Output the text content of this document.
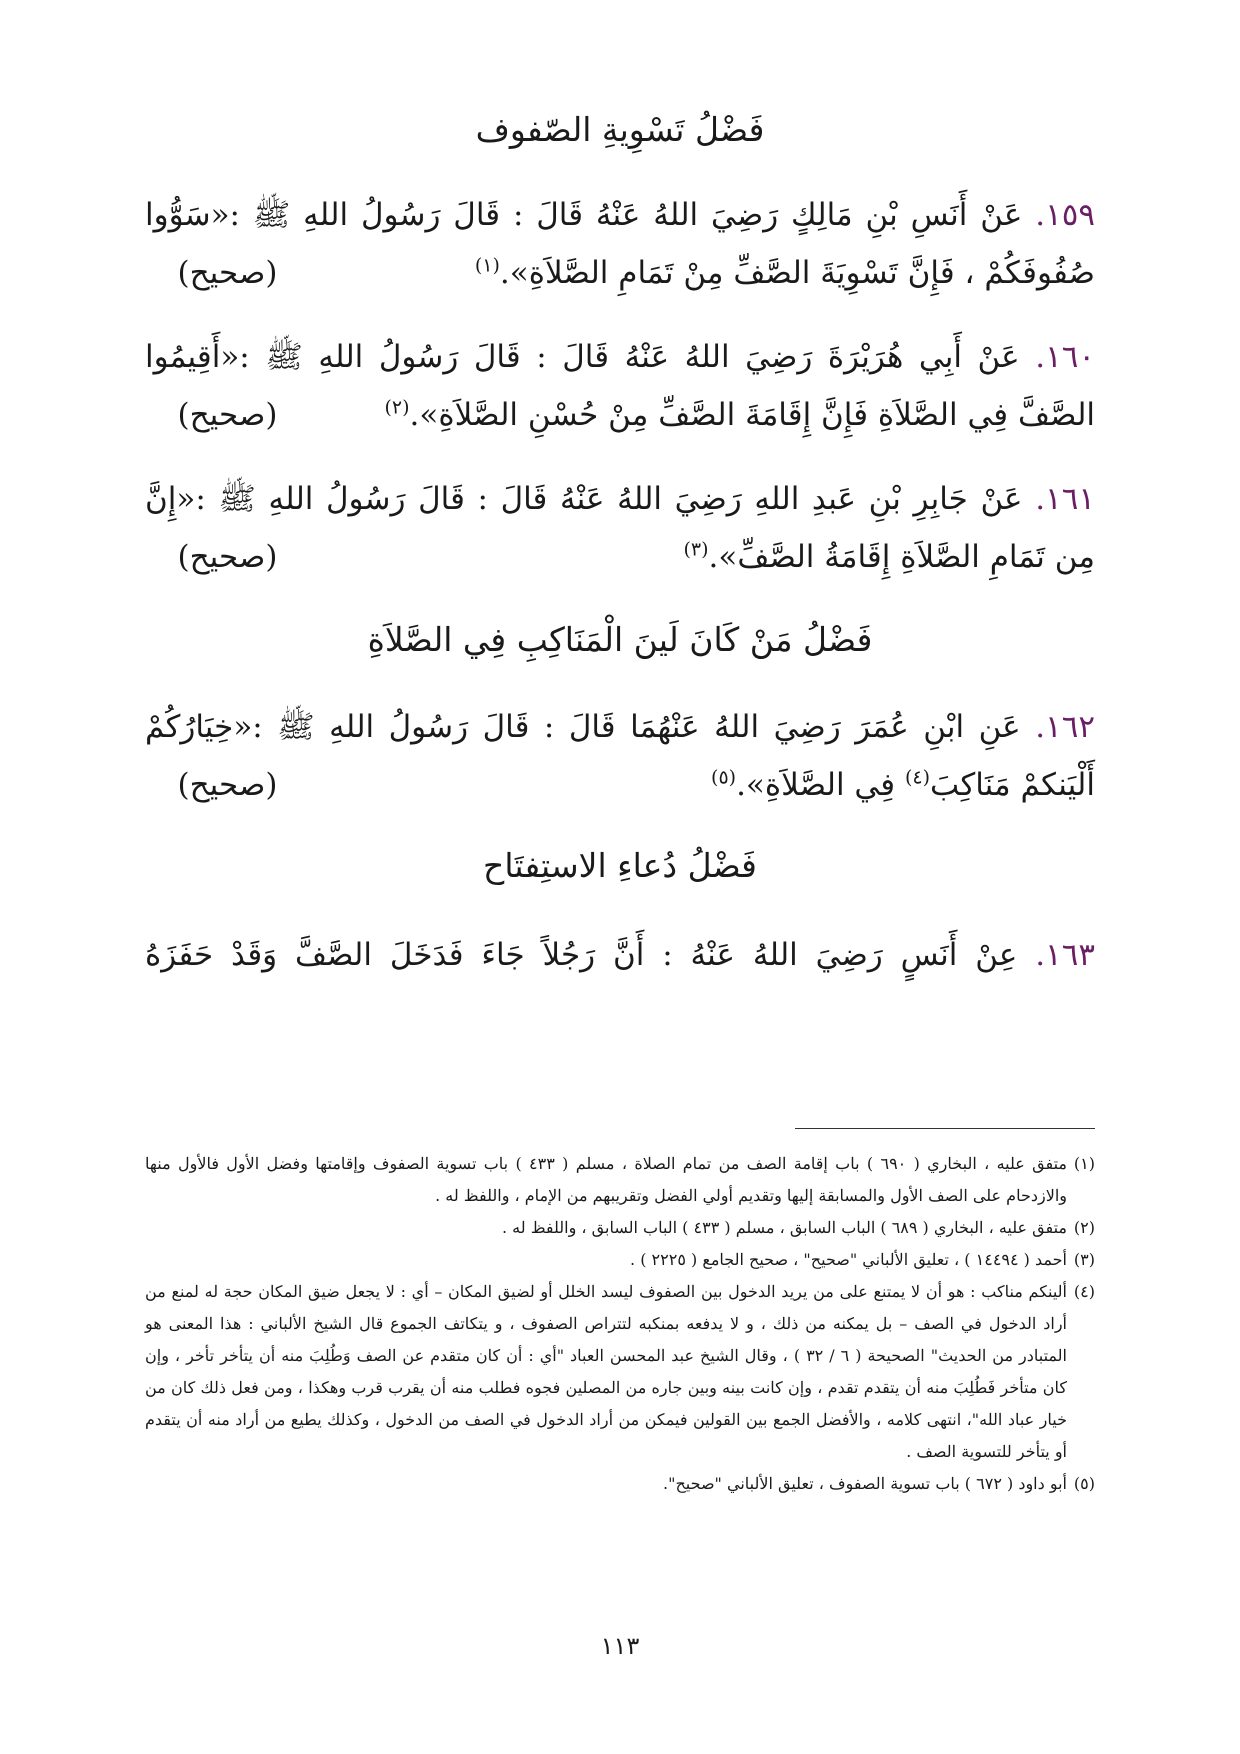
فَضْلُ تَسْوِيةِ الصّفوف
١٥٩. عَنْ أَنَسِ بْنِ مَالِكٍ رَضِيَ اللهُ عَنْهُ قَالَ : قَالَ رَسُولُ اللهِ ﷺ :«سَوُّوا
صُفُوفَكُمْ ، فَإِنَّ تَسْوِيَةَ الصَّفِّ مِنْ تَمَامِ الصَّلاَةِ».$^{(١)}$
(صحيح)
١٦٠. عَنْ أَبِي هُرَيْرَةَ رَضِيَ اللهُ عَنْهُ قَالَ : قَالَ رَسُولُ اللهِ ﷺ :«أَقِيمُوا
الصَّفَّ فِي الصَّلاَةِ فَإِنَّ إِقَامَةَ الصَّفِّ مِنْ حُسْنِ الصَّلاَةِ».$^{(٢)}$
(صحيح)
١٦١. عَنْ جَابِرِ بْنِ عَبدِ اللهِ رَضِيَ اللهُ عَنْهُ قَالَ : قَالَ رَسُولُ اللهِ ﷺ :«إِنَّ
مِن تَمَامِ الصَّلاَةِ إِقَامَةُ الصَّفِّ».$^{(٣)}$
(صحيح)
فَضْلُ مَنْ كَانَ لَينَ الْمَنَاكِبِ فِي الصَّلاَةِ
١٦٢. عَنِ ابْنِ عُمَرَ رَضِيَ اللهُ عَنْهُمَا قَالَ : قَالَ رَسُولُ اللهِ ﷺ :«خِيَارُكُمْ
أَلْيَنكمْ مَنَاكِبَ$^{(٤)}$ فِي الصَّلاَةِ».$^{(٥)}$
(صحيح)
فَضْلُ دُعاءِ الاستِفتَاح
١٦٣. عِنْ أَنَسٍ رَضِيَ اللهُ عَنْهُ : أَنَّ رَجُلاً جَاءَ فَدَخَلَ الصَّفَّ وَقَدْ حَفَزَهُ
(١)متفق عليه ، البخاري ( ٦٩٠ ) باب إقامة الصف من تمام الصلاة ، مسلم ( ٤٣٣ ) باب تسوية الصفوف وإقامتها وفضل الأول فالأول منها والازدحام على الصف الأول والمسابقة إليها وتقديم أولي الفضل وتقريبهم من الإمام ، واللفظ له .
(٢)متفق عليه ، البخاري ( ٦٨٩ ) الباب السابق ، مسلم ( ٤٣٣ ) الباب السابق ، واللفظ له .
(٣)أحمد ( ١٤٤٩٤ ) ، تعليق الألباني "صحيح" ، صحيح الجامع ( ٢٢٢٥ ) .
(٤)ألينكم مناكب : هو أن لا يمتنع على من يريد الدخول بين الصفوف ليسد الخلل أو لضيق المكان – أي : لا يجعل ضيق المكان حجة له لمنع من أراد الدخول في الصف – بل يمكنه من ذلك ، و لا يدفعه بمنكبه لتتراص الصفوف ، و يتكاتف الجموع قال الشيخ الألباني : هذا المعنى هو المتبادر من الحديث" الصحيحة ( ٦ / ٣٢ ) ، وقال الشيخ عبد المحسن العباد "أي : أن كان متقدم عن الصف وَطُلِبَ منه أن يتأخر تأخر ، وإن كان متأخر فَطُلِبَ منه أن يتقدم تقدم ، وإن كانت بينه وبين جاره من المصلين فجوه فطلب منه أن يقرب قرب وهكذا ، ومن فعل ذلك كان من خيار عباد الله"، انتهى كلامه ، والأفضل الجمع بين القولين فيمكن من أراد الدخول في الصف من الدخول ، وكذلك يطيع من أراد منه أن يتقدم أو يتأخر للتسوية الصف .
(٥)أبو داود ( ٦٧٢ ) باب تسوية الصفوف ، تعليق الألباني "صحيح".
١١٣
